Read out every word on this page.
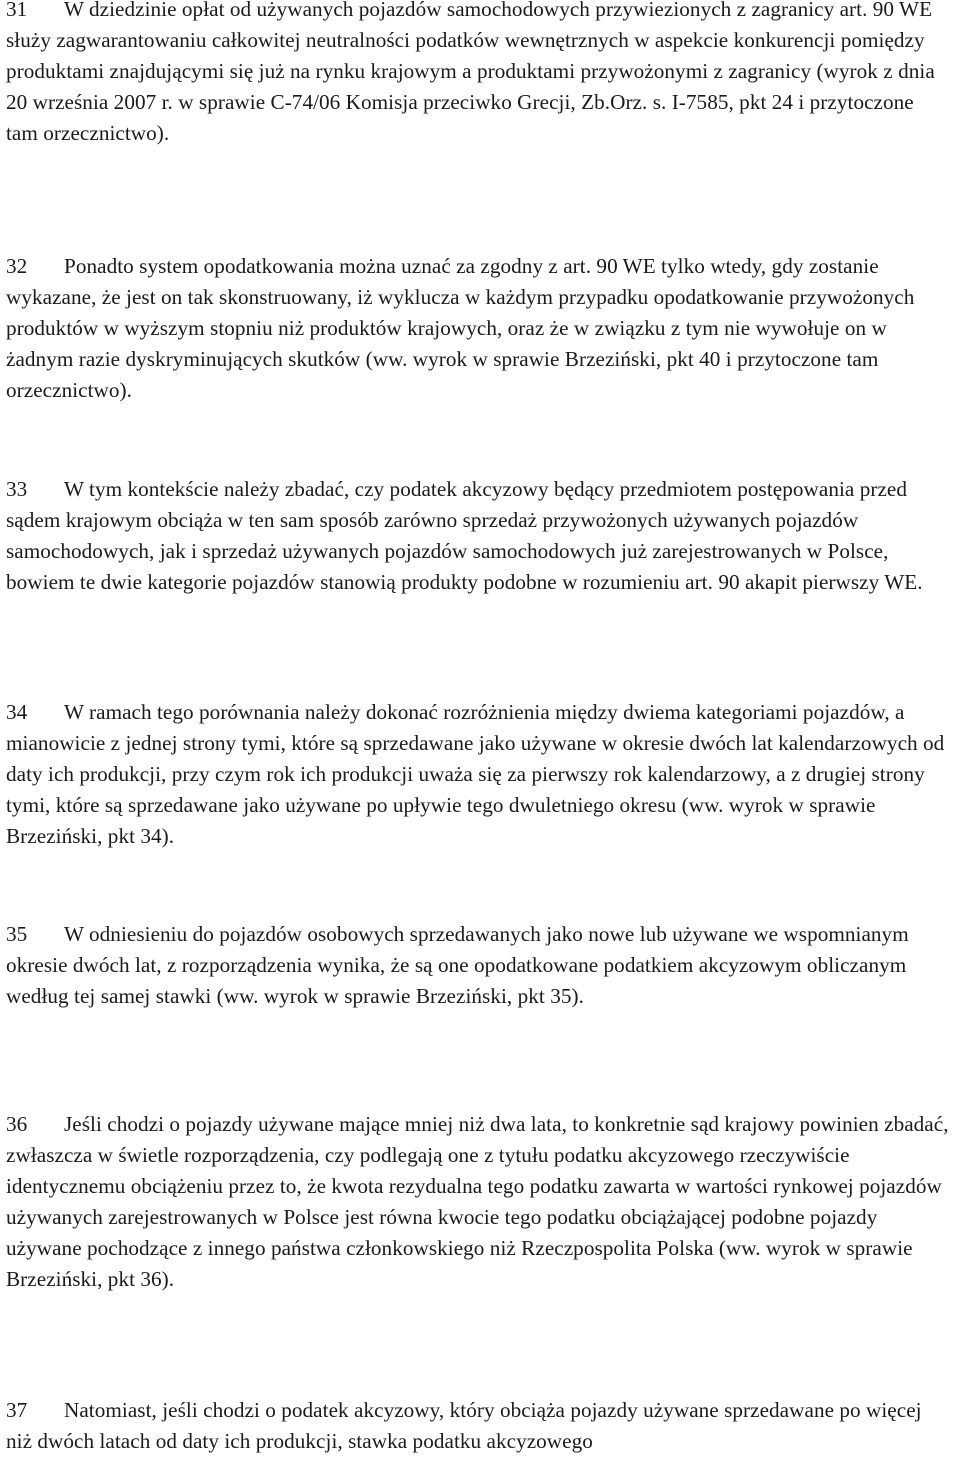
31 W dziedzinie opłat od używanych pojazdów samochodowych przywiezionych z zagranicy art. 90 WE służy zagwarantowaniu całkowitej neutralności podatków wewnętrznych w aspekcie konkurencji pomiędzy produktami znajdującymi się już na rynku krajowym a produktami przywożonymi z zagranicy (wyrok z dnia 20 września 2007 r. w sprawie C‑74/06 Komisja przeciwko Grecji, Zb.Orz. s. I‑7585, pkt 24 i przytoczone tam orzecznictwo).

32 Ponadto system opodatkowania można uznać za zgodny z art. 90 WE tylko wtedy, gdy zostanie wykazane, że jest on tak skonstruowany, iż wyklucza w każdym przypadku opodatkowanie przywożonych produktów w wyższym stopniu niż produktów krajowych, oraz że w związku z tym nie wywołuje on w żadnym razie dyskryminujących skutków (ww. wyrok w sprawie Brzeziński, pkt 40 i przytoczone tam orzecznictwo).

33 W tym kontekście należy zbadać, czy podatek akcyzowy będący przedmiotem postępowania przed sądem krajowym obciąża w ten sam sposób zarówno sprzedaż przywożonych używanych pojazdów samochodowych, jak i sprzedaż używanych pojazdów samochodowych już zarejestrowanych w Polsce, bowiem te dwie kategorie pojazdów stanowią produkty podobne w rozumieniu art. 90 akapit pierwszy WE.

34 W ramach tego porównania należy dokonać rozróżnienia między dwiema kategoriami pojazdów, a mianowicie z jednej strony tymi, które są sprzedawane jako używane w okresie dwóch lat kalendarzowych od daty ich produkcji, przy czym rok ich produkcji uważa się za pierwszy rok kalendarzowy, a z drugiej strony tymi, które są sprzedawane jako używane po upływie tego dwuletniego okresu (ww. wyrok w sprawie Brzeziński, pkt 34).

35 W odniesieniu do pojazdów osobowych sprzedawanych jako nowe lub używane we wspomnianym okresie dwóch lat, z rozporządzenia wynika, że są one opodatkowane podatkiem akcyzowym obliczanym według tej samej stawki (ww. wyrok w sprawie Brzeziński, pkt 35).

36 Jeśli chodzi o pojazdy używane mające mniej niż dwa lata, to konkretnie sąd krajowy powinien zbadać, zwłaszcza w świetle rozporządzenia, czy podlegają one z tytułu podatku akcyzowego rzeczywiście identycznemu obciążeniu przez to, że kwota rezydualna tego podatku zawarta w wartości rynkowej pojazdów używanych zarejestrowanych w Polsce jest równa kwocie tego podatku obciążającej podobne pojazdy używane pochodzące z innego państwa członkowskiego niż Rzeczpospolita Polska (ww. wyrok w sprawie Brzeziński, pkt 36).

37 Natomiast, jeśli chodzi o podatek akcyzowy, który obciąża pojazdy używane sprzedawane po więcej niż dwóch latach od daty ich produkcji, stawka podatku akcyzowego
